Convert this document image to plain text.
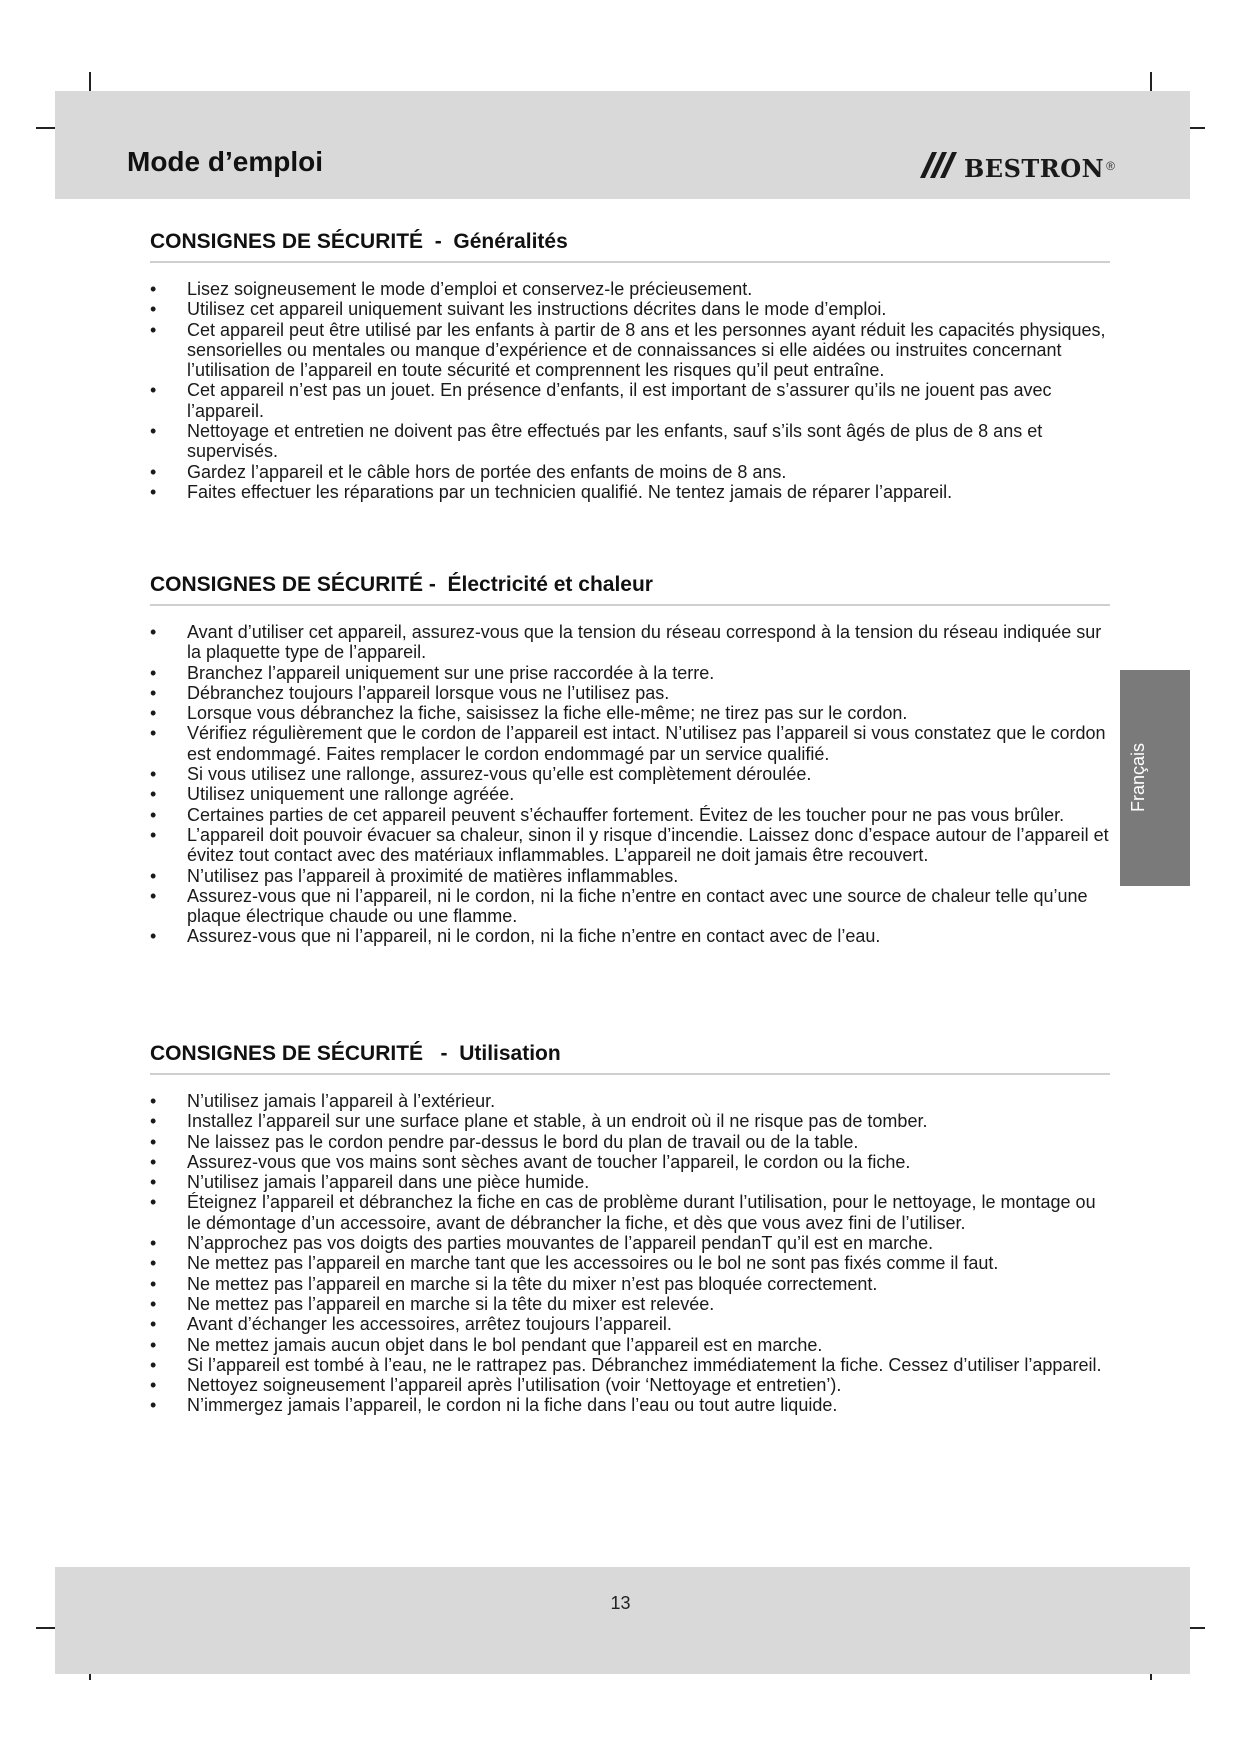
Mode d’emploi	bestron ®
CONSIGNES DE SÉCURITÉ  -  Généralités
• Lisez soigneusement le mode d’emploi et conservez-le précieusement.
• Utilisez cet appareil uniquement suivant les instructions décrites dans le mode d’emploi.
• Cet appareil peut être utilisé par les enfants à partir de 8 ans et les personnes ayant réduit les capacités physiques, sensorielles ou mentales ou manque d’expérience et de connaissances si elle aidées ou instruites concernant l’utilisation de l’appareil en toute sécurité et comprennent les risques qu’il peut entraîne.
• Cet appareil n’est pas un jouet. En présence d’enfants, il est important de s’assurer qu’ils ne jouent pas avec l’appareil.
• Nettoyage et entretien ne doivent pas être effectués par les enfants, sauf s’ils sont âgés de plus de 8 ans et supervisés.
• Gardez l’appareil et le câble hors de portée des enfants de moins de 8 ans.
• Faites effectuer les réparations par un technicien qualifié. Ne tentez jamais de réparer l’appareil.
CONSIGNES DE SÉCURITÉ -  Électricité et chaleur
• Avant d’utiliser cet appareil, assurez-vous que la tension du réseau correspond à la tension du réseau indiquée sur la plaquette type de l’appareil.
• Branchez l’appareil uniquement sur une prise raccordée à la terre.
• Débranchez toujours l’appareil lorsque vous ne l’utilisez pas.
• Lorsque vous débranchez la fiche, saisissez la fiche elle-même; ne tirez pas sur le cordon.
• Vérifiez régulièrement que le cordon de l’appareil est intact. N’utilisez pas l’appareil si vous constatez que le cordon est endommagé. Faites remplacer le cordon endommagé par un service qualifié.
• Si vous utilisez une rallonge, assurez-vous qu’elle est complètement déroulée.
• Utilisez uniquement une rallonge agréée.
• Certaines parties de cet appareil peuvent s’échauffer fortement. Évitez de les toucher pour ne pas vous brûler.
• L’appareil doit pouvoir évacuer sa chaleur, sinon il y risque d’incendie. Laissez donc d’espace autour de l’appareil et évitez tout contact avec des matériaux inflammables. L’appareil ne doit jamais être recouvert.
• N’utilisez pas l’appareil à proximité de matières inflammables.
• Assurez-vous que ni l’appareil, ni le cordon, ni la fiche n’entre en contact avec une source de chaleur telle qu’une plaque électrique chaude ou une flamme.
• Assurez-vous que ni l’appareil, ni le cordon, ni la fiche n’entre en contact avec de l’eau.
Français
CONSIGNES DE SÉCURITÉ   -  Utilisation
• N’utilisez jamais l’appareil à l’extérieur.
• Installez l’appareil sur une surface plane et stable, à un endroit où il ne risque pas de tomber.
• Ne laissez pas le cordon pendre par-dessus le bord du plan de travail ou de la table.
• Assurez-vous que vos mains sont sèches avant de toucher l’appareil, le cordon ou la fiche.
• N’utilisez jamais l’appareil dans une pièce humide.
• Éteignez l’appareil et débranchez la fiche en cas de problème durant l’utilisation, pour le nettoyage, le montage ou le démontage d’un accessoire, avant de débrancher la fiche, et dès que vous avez fini de l’utiliser.
• N’approchez pas vos doigts des parties mouvantes de l’appareil pendanT qu’il est en marche.
• Ne mettez pas l’appareil en marche tant que les accessoires ou le bol ne sont pas fixés comme il faut.
• Ne mettez pas l’appareil en marche si la tête du mixer n’est pas bloquée correctement.
• Ne mettez pas l’appareil en marche si la tête du mixer est relevée.
• Avant d’échanger les accessoires, arrêtez toujours l’appareil.
• Ne mettez jamais aucun objet dans le bol pendant que l’appareil est en marche.
• Si l’appareil est tombé à l’eau, ne le rattrapez pas. Débranchez immédiatement la fiche. Cessez d’utiliser l’appareil.
• Nettoyez soigneusement l’appareil après l’utilisation (voir ‘Nettoyage et entretien’).
• N’immergez jamais l’appareil, le cordon ni la fiche dans l’eau ou tout autre liquide.
13
